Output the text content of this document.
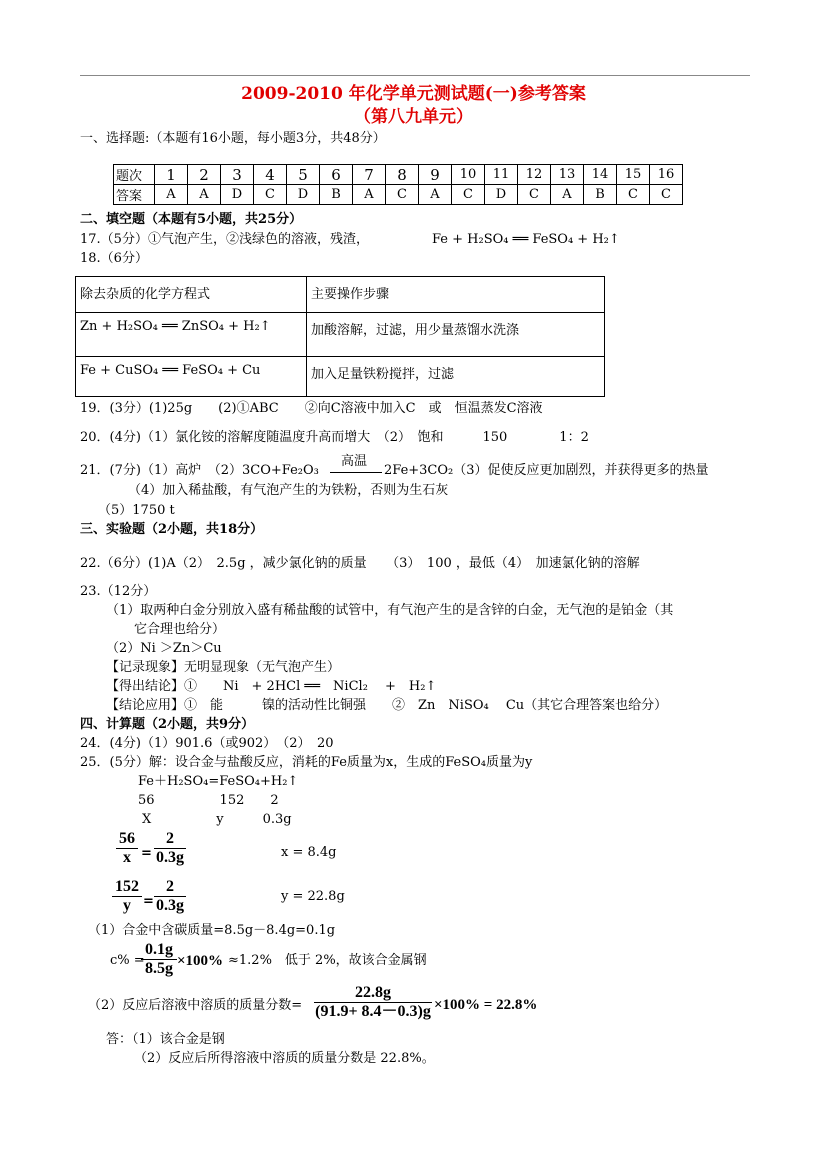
2009-2010 年化学单元测试题(一)参考答案
（第八九单元）
一、选择题:（本题有16小题，每小题3分，共48分）
题次	1	2	3	4	5	6	7	8	9	10	11	12	13	14	15	16
答案	A	A	D	C	D	B	A	C	A	C	D	C	A	B	C	C
二、填空题（本题有5小题，共25分）
17.（5分）①气泡产生，②浅绿色的溶液，残渣，	Fe + H₂SO₄ ══ FeSO₄ + H₂↑
18.（6分）
除去杂质的化学方程式	主要操作步骤
Zn + H₂SO₄ ══ ZnSO₄ + H₂↑	加酸溶解，过滤，用少量蒸馏水洗涤
Fe + CuSO₄ ══ FeSO₄ + Cu	加入足量铁粉搅拌，过滤
19．(3分）(1)25g　　(2)①ABC　　②向C溶液中加入C　或　恒温蒸发C溶液
20．(4分)（1）氯化铵的溶解度随温度升高而增大　（2）　饱和　　　150　　　　1：2
21．(7分)（1）高炉　（2）3CO+Fe₂O₃
高温
2Fe+3CO₂（3）促使反应更加剧烈，并获得更多的热量
（4）加入稀盐酸，有气泡产生的为铁粉，否则为生石灰
（5）1750 t
三、实验题（2小题，共18分）
22.（6分）(1)A（2）　2.5g ，减少氯化钠的质量　　（3）　100 ，最低（4）　加速氯化钠的溶解
23.（12分）
（1）取两种白金分别放入盛有稀盐酸的试管中，有气泡产生的是含锌的白金，无气泡的是铂金（其
它合理也给分）
（2）Ni ＞Zn＞Cu
【记录现象】无明显现象（无气泡产生）
【得出结论】①　　Ni　+ 2HCl ══　NiCl₂　 +　H₂↑
【结论应用】①　能　　　镍的活动性比铜强　　②　Zn　NiSO₄　 Cu（其它合理答案也给分）
四、计算题（2小题，共9分）
24．(4分)（1）901.6（或902）　（2）　20
25．(5分）解：设合金与盐酸反应，消耗的Fe质量为x，生成的FeSO₄质量为y
Fe＋H₂SO₄=FeSO₄+H₂↑
56　　　　　152　　2
X　　　　　y　　　0.3g
56
x =
2
0.3g	x = 8.4g
152
y =
2
0.3g
y = 22.8g
（1）合金中含碳质量=8.5g－8.4g=0.1g
c% =
0.1g
8.5g ×100% ≈1.2%　低于 2%，故该合金属钢
（2）反应后溶液中溶质的质量分数=
22.8g
(91.9+ 8.4－0.3)g ×100% = 22.8%
答：（1）该合金是钢
（2）反应后所得溶液中溶质的质量分数是 22.8%。
